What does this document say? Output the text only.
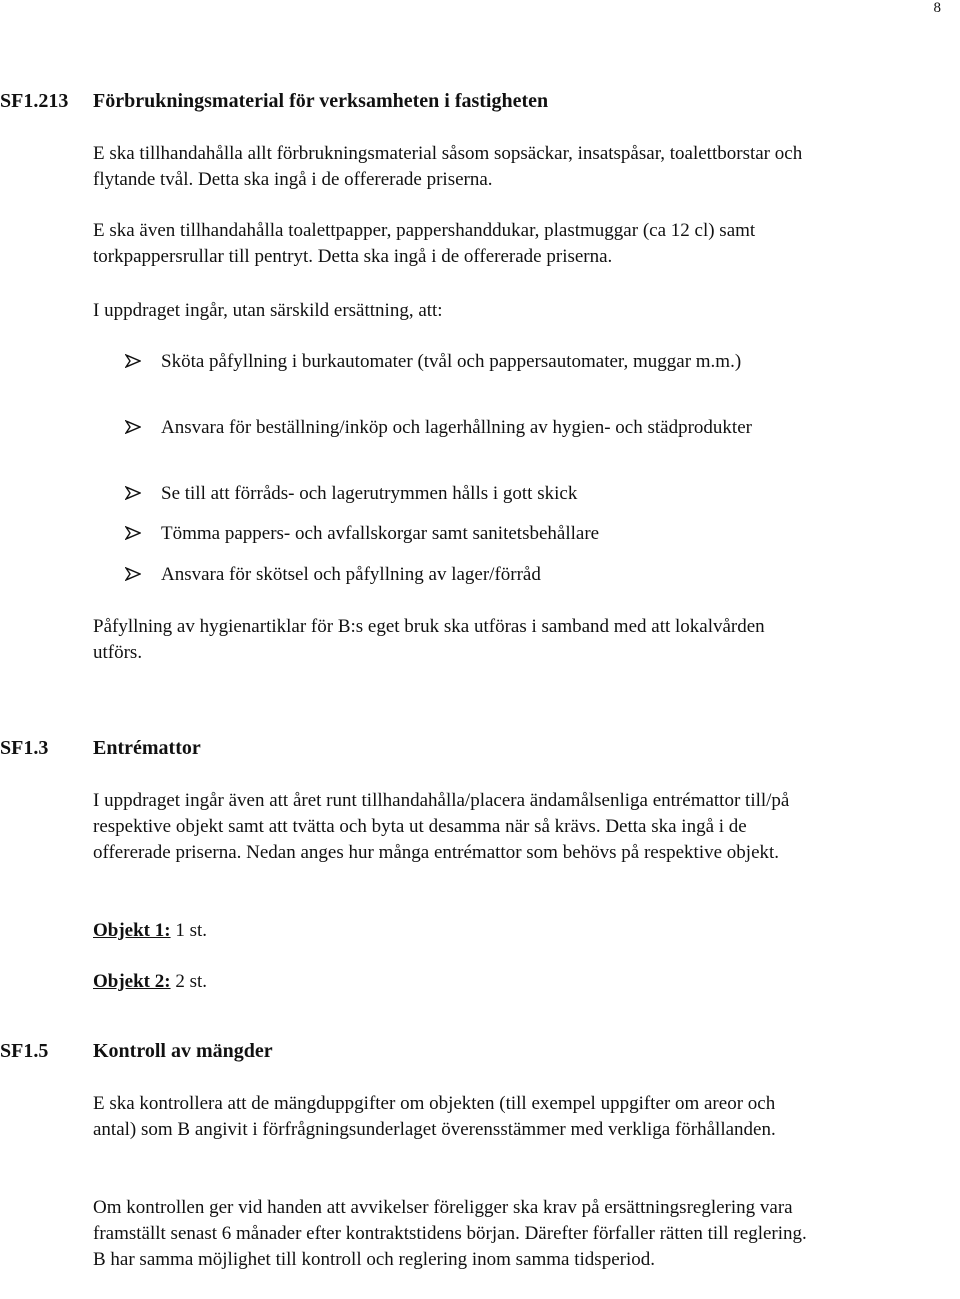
8
SF1.213 Förbrukningsmaterial för verksamheten i fastigheten
E ska tillhandahålla allt förbrukningsmaterial såsom sopsäckar, insatspåsar, toalettborstar och flytande tvål. Detta ska ingå i de offererade priserna.
E ska även tillhandahålla toalettpapper, pappershanddukar, plastmuggar (ca 12 cl) samt torkpappersrullar till pentryt. Detta ska ingå i de offererade priserna.
I uppdraget ingår, utan särskild ersättning, att:
Sköta påfyllning i burkautomater (tvål och pappersautomater, muggar m.m.)
Ansvara för beställning/inköp och lagerhållning av hygien- och städprodukter
Se till att förråds- och lagerutrymmen hålls i gott skick
Tömma pappers- och avfallskorgar samt sanitetsbehållare
Ansvara för skötsel och påfyllning av lager/förråd
Påfyllning av hygienartiklar för B:s eget bruk ska utföras i samband med att lokalvården utförs.
SF1.3 Entrémattor
I uppdraget ingår även att året runt tillhandahålla/placera ändamålsenliga entrémattor till/på respektive objekt samt att tvätta och byta ut desamma när så krävs. Detta ska ingå i de offererade priserna. Nedan anges hur många entrémattor som behövs på respektive objekt.
Objekt 1: 1 st.
Objekt 2: 2 st.
SF1.5 Kontroll av mängder
E ska kontrollera att de mängduppgifter om objekten (till exempel uppgifter om areor och antal) som B angivit i förfrågningsunderlaget överensstämmer med verkliga förhållanden.
Om kontrollen ger vid handen att avvikelser föreligger ska krav på ersättningsreglering vara framställt senast 6 månader efter kontraktstidens början. Därefter förfaller rätten till reglering. B har samma möjlighet till kontroll och reglering inom samma tidsperiod.
